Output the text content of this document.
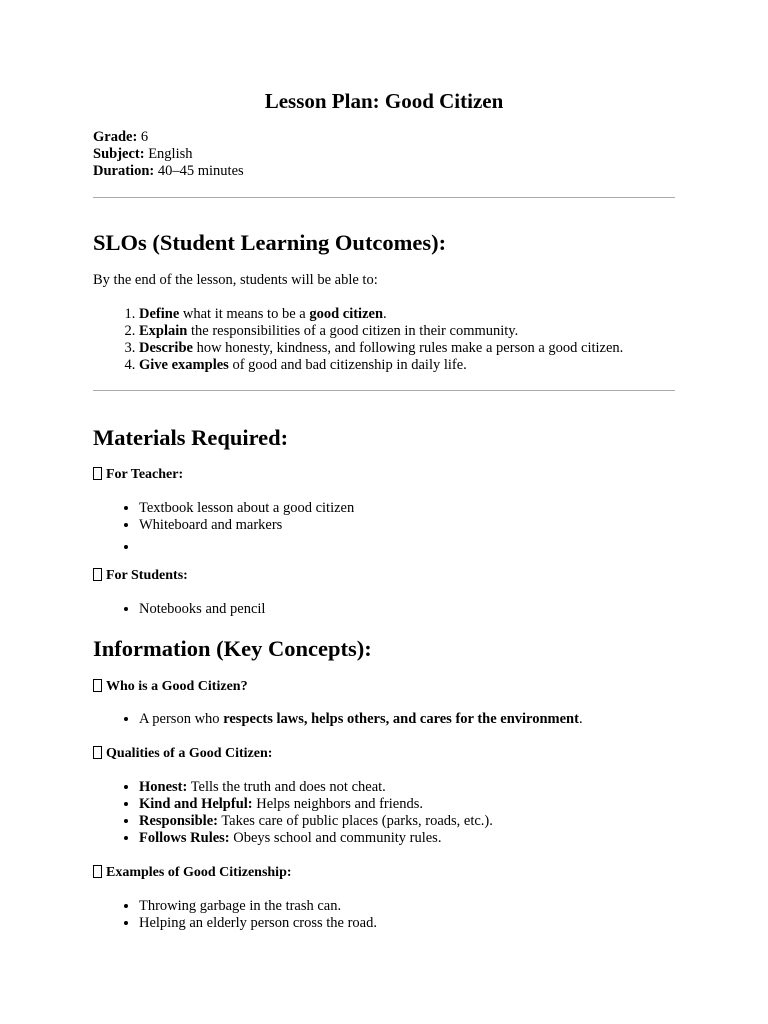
Lesson Plan: Good Citizen
Grade: 6
Subject: English
Duration: 40–45 minutes
SLOs (Student Learning Outcomes):
By the end of the lesson, students will be able to:
1. Define what it means to be a good citizen.
2. Explain the responsibilities of a good citizen in their community.
3. Describe how honesty, kindness, and following rules make a person a good citizen.
4. Give examples of good and bad citizenship in daily life.
Materials Required:
For Teacher:
• Textbook lesson about a good citizen
• Whiteboard and markers
•
For Students:
• Notebooks and pencil
Information (Key Concepts):
Who is a Good Citizen?
• A person who respects laws, helps others, and cares for the environment.
Qualities of a Good Citizen:
• Honest: Tells the truth and does not cheat.
• Kind and Helpful: Helps neighbors and friends.
• Responsible: Takes care of public places (parks, roads, etc.).
• Follows Rules: Obeys school and community rules.
Examples of Good Citizenship:
• Throwing garbage in the trash can.
• Helping an elderly person cross the road.
